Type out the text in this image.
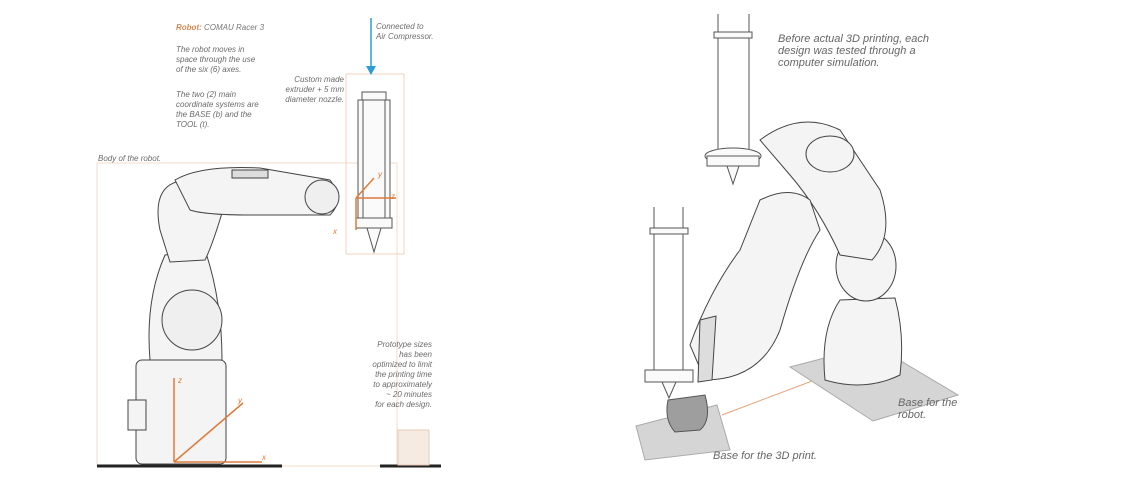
Robot: COMAU Racer 3
The robot moves in
space through the use
of the six (6) axes.
The two (2) main
coordinate systems are
the BASE (b) and the
TOOL (t).
Body of the robot.
Connected to
Air Compressor.
Custom made
extruder + 5 mm
diameter nozzle.
Prototype sizes
has been
optimized to limit
the printing time
to approximately
~ 20 minutes
for each design.
y
z
x
z
y
x
Before actual 3D printing, each
design was tested through a
computer simulation.
Base for the
robot.
Base for the 3D print.
